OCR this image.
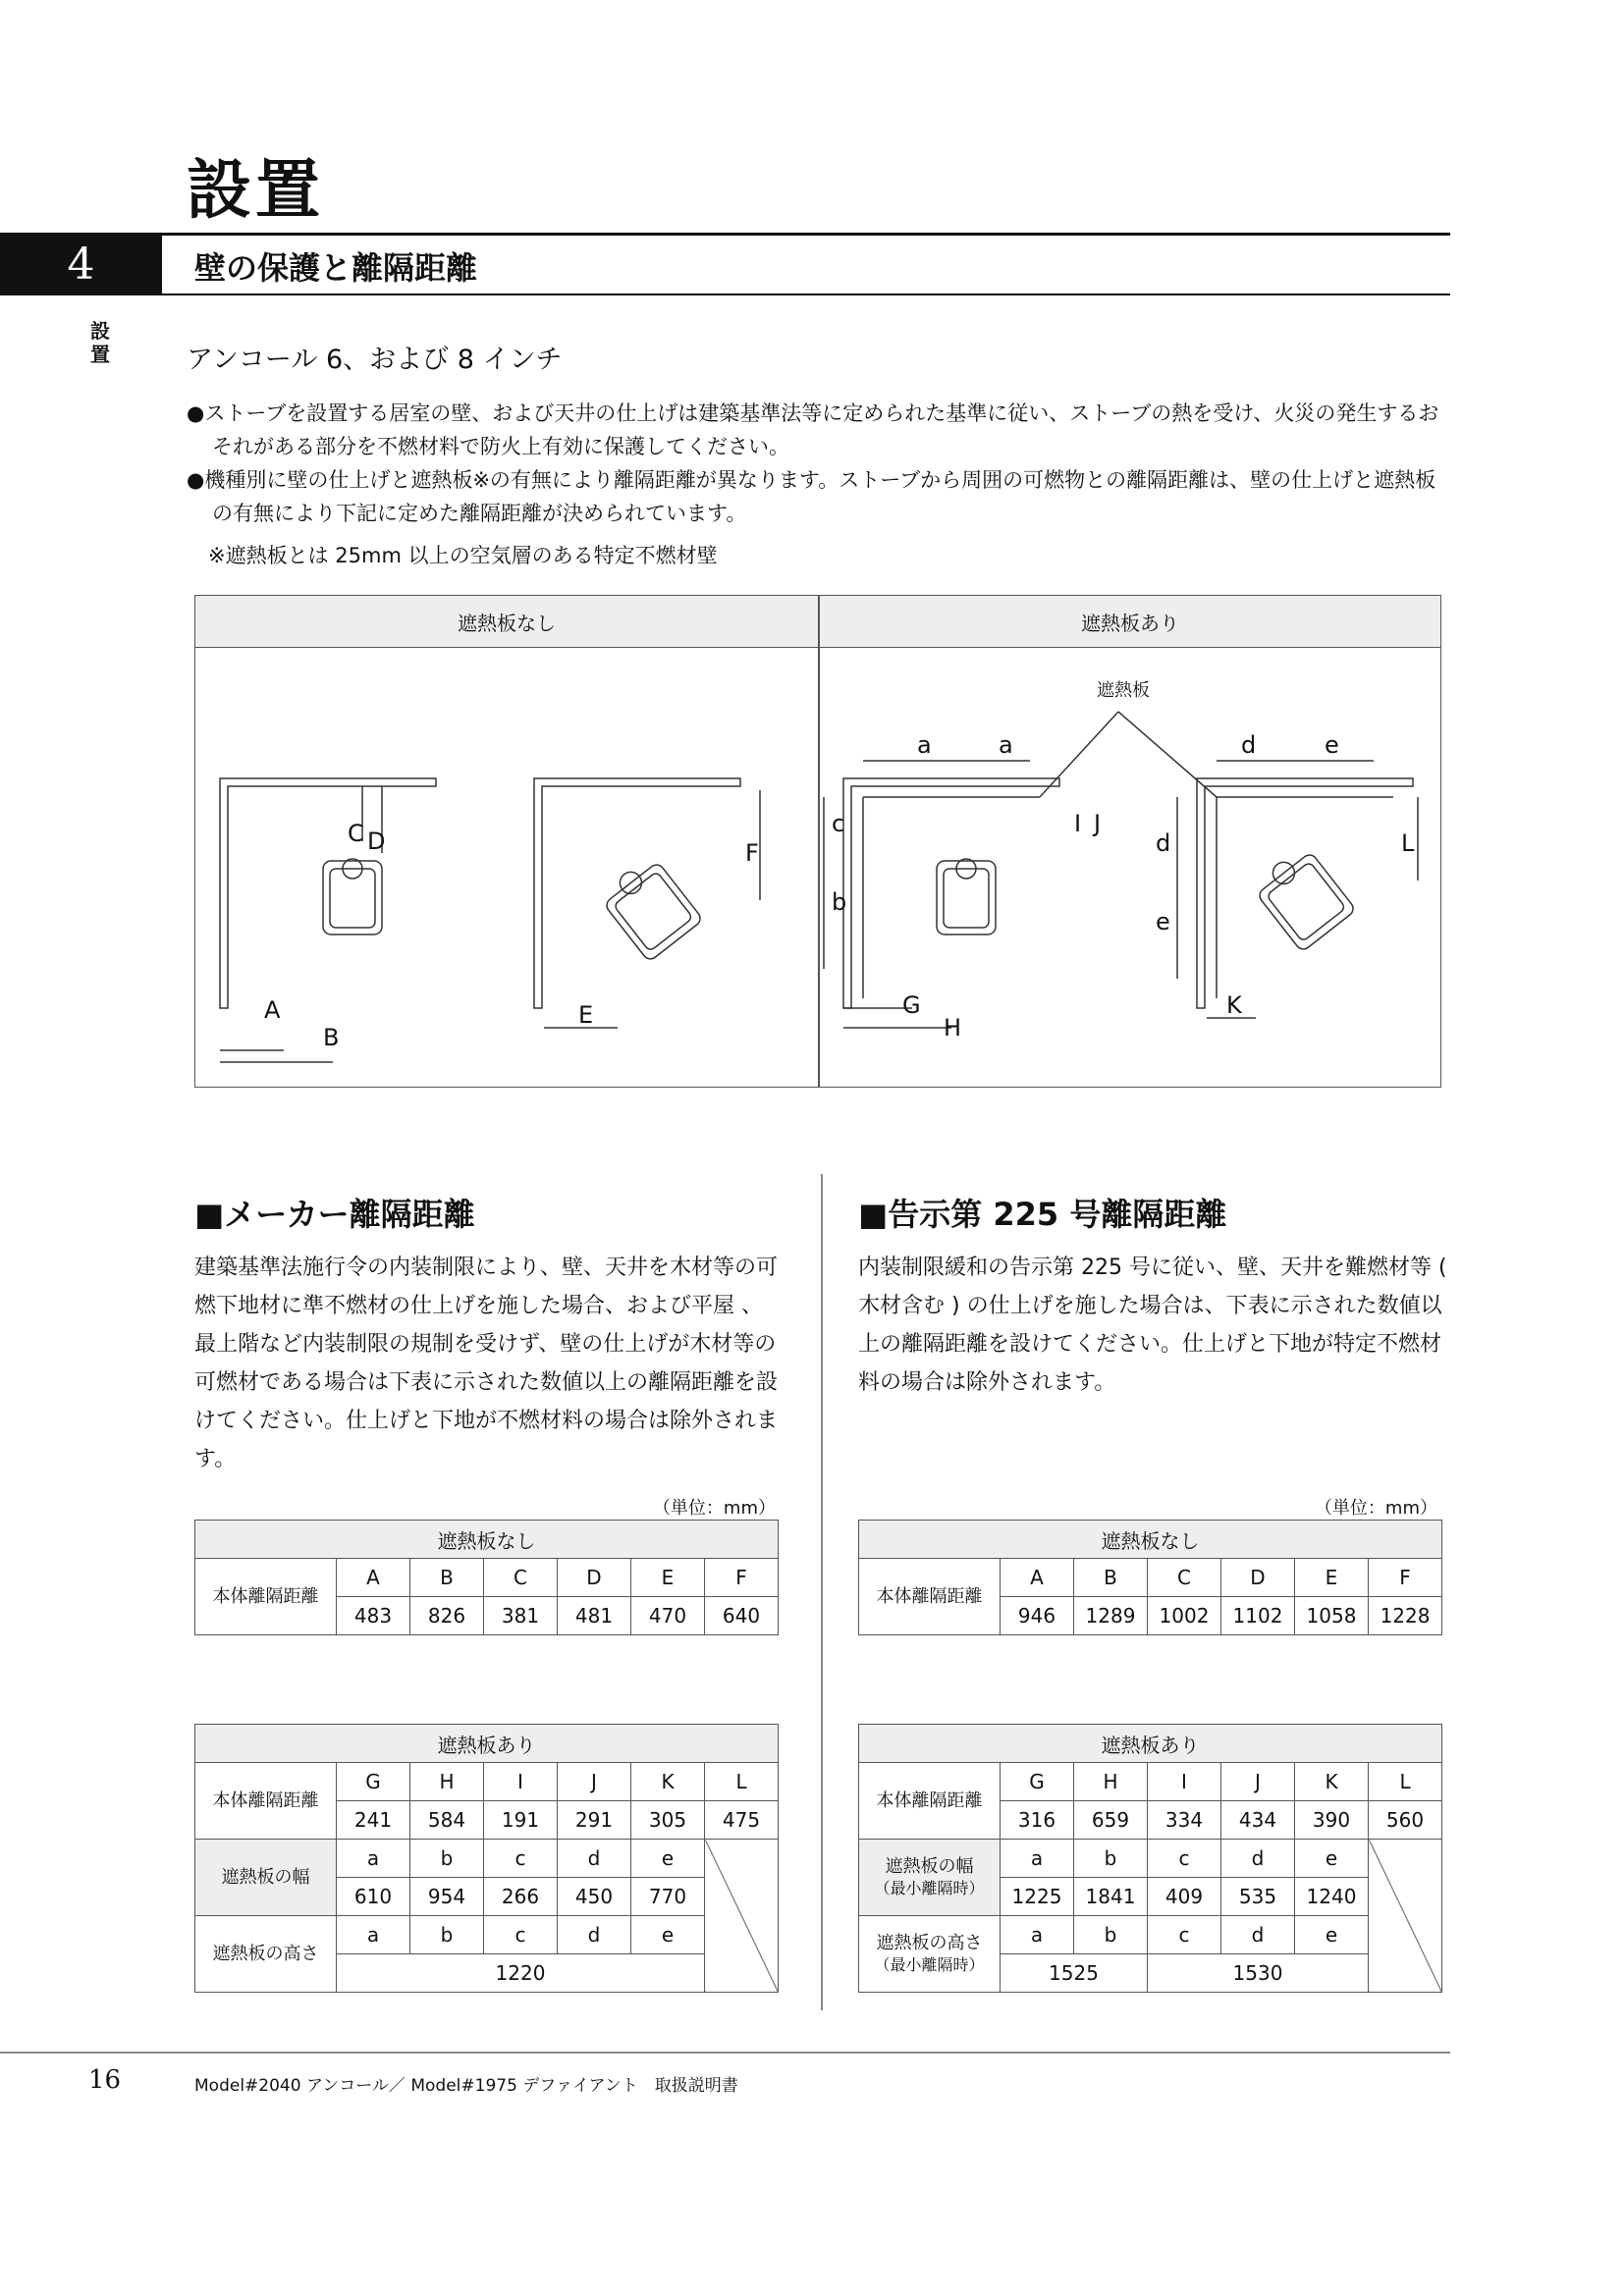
設置
4	壁の保護と離隔距離
設置	アンコール 6、および 8 インチ
●ストーブを設置する居室の壁、および天井の仕上げは建築基準法等に定められた基準に従い、ストーブの熱を受け、火災の発生するおそれがある部分を不燃材料で防火上有効に保護してください。
●機種別に壁の仕上げと遮熱板※の有無により離隔距離が異なります。ストーブから周囲の可燃物との離隔距離は、壁の仕上げと遮熱板の有無により下記に定めた離隔距離が決められています。
※遮熱板とは 25mm 以上の空気層のある特定不燃材壁
遮熱板なし	遮熱板あり
A
B
C D
E
F
a	a	d	e
c	I J
b
G
H
d
e
L
K
遮熱板
■メーカー離隔距離
建築基準法施行令の内装制限により、壁、天井を木材等の可燃下地材に準不燃材の仕上げを施した場合、および平屋 、最上階など内装制限の規制を受けず、壁の仕上げが木材等の可燃材である場合は下表に示された数値以上の離隔距離を設けてください。仕上げと下地が不燃材料の場合は除外されます。
（単位：mm）
遮熱板なし						
本体離隔距離	A	B	C	D	E	F
	483	826	381	481	470	640
遮熱板あり						
本体離隔距離	G	H	I	J	K	L
	241	584	191	291	305	475
遮熱板の幅	a	b	c	d	e	
	610	954	266	450	770	
遮熱板の高さ	a	b	c	d	e	
	1220					
■告示第 225 号離隔距離
内装制限緩和の告示第 225 号に従い、壁、天井を難燃材等 ( 木材含む ) の仕上げを施した場合は、下表に示された数値以上の離隔距離を設けてください。仕上げと下地が特定不燃材料の場合は除外されます。
（単位：mm）
遮熱板なし						
本体離隔距離	A	B	C	D	E	F
	946	1289	1002	1102	1058	1228
遮熱板あり						
本体離隔距離	G	H	I	J	K	L
	316	659	334	434	390	560
遮熱板の幅
（最小離隔時）	a	b	c	d	e	
	1225	1841	409	535	1240	
遮熱板の高さ
（最小離隔時）	a	b	c	d	e	
	1525		1530			
16	Model#2040 アンコール／ Model#1975 デファイアント　取扱説明書
